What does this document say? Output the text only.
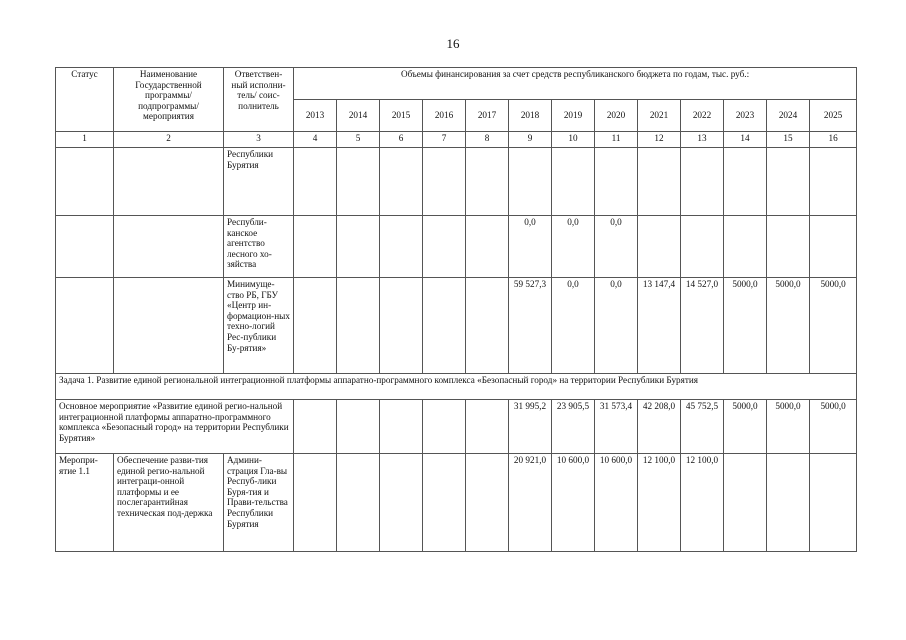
16
Статус	Наименование Государственной программы/ подпрограммы/ мероприятия	Ответствен-ный исполни-тель/ соис-полнитель	Объемы финансирования за счет средств республиканского бюджета по годам, тыс. руб.:												
			2013	2014	2015	2016	2017	2018	2019	2020	2021	2022	2023	2024	2025
1	2	3	4	5	6	7	8	9	10	11	12	13	14	15	16
		Республики Бурятия													
		Республи-канское агентство лесного хо-зяйства						0,0	0,0	0,0					
		Минимуще-ство РБ, ГБУ «Центр ин-формацион-ных техно-логий Рес-публики Бу-рятия»						59 527,3	0,0	0,0	13 147,4	14 527,0	5000,0	5000,0	5000,0
Задача 1. Развитие единой региональной интеграционной платформы аппаратно-программного комплекса «Безопасный город» на территории Республики Бурятия															
Основное мероприятие «Развитие единой регио-нальной интеграционной платформы аппаратно-программного комплекса «Безопасный город» на территории Республики Бурятия»								31 995,2	23 905,5	31 573,4	42 208,0	45 752,5	5000,0	5000,0	5000,0
Меропри-ятие 1.1	Обеспечение разви-тия единой регио-нальной интеграци-онной платформы и ее послегарантийная техническая под-держка	Админи-страция Гла-вы Респуб-лики Буря-тия и Прави-тельства Республики Бурятия						20 921,0	10 600,0	10 600,0	12 100,0	12 100,0			
